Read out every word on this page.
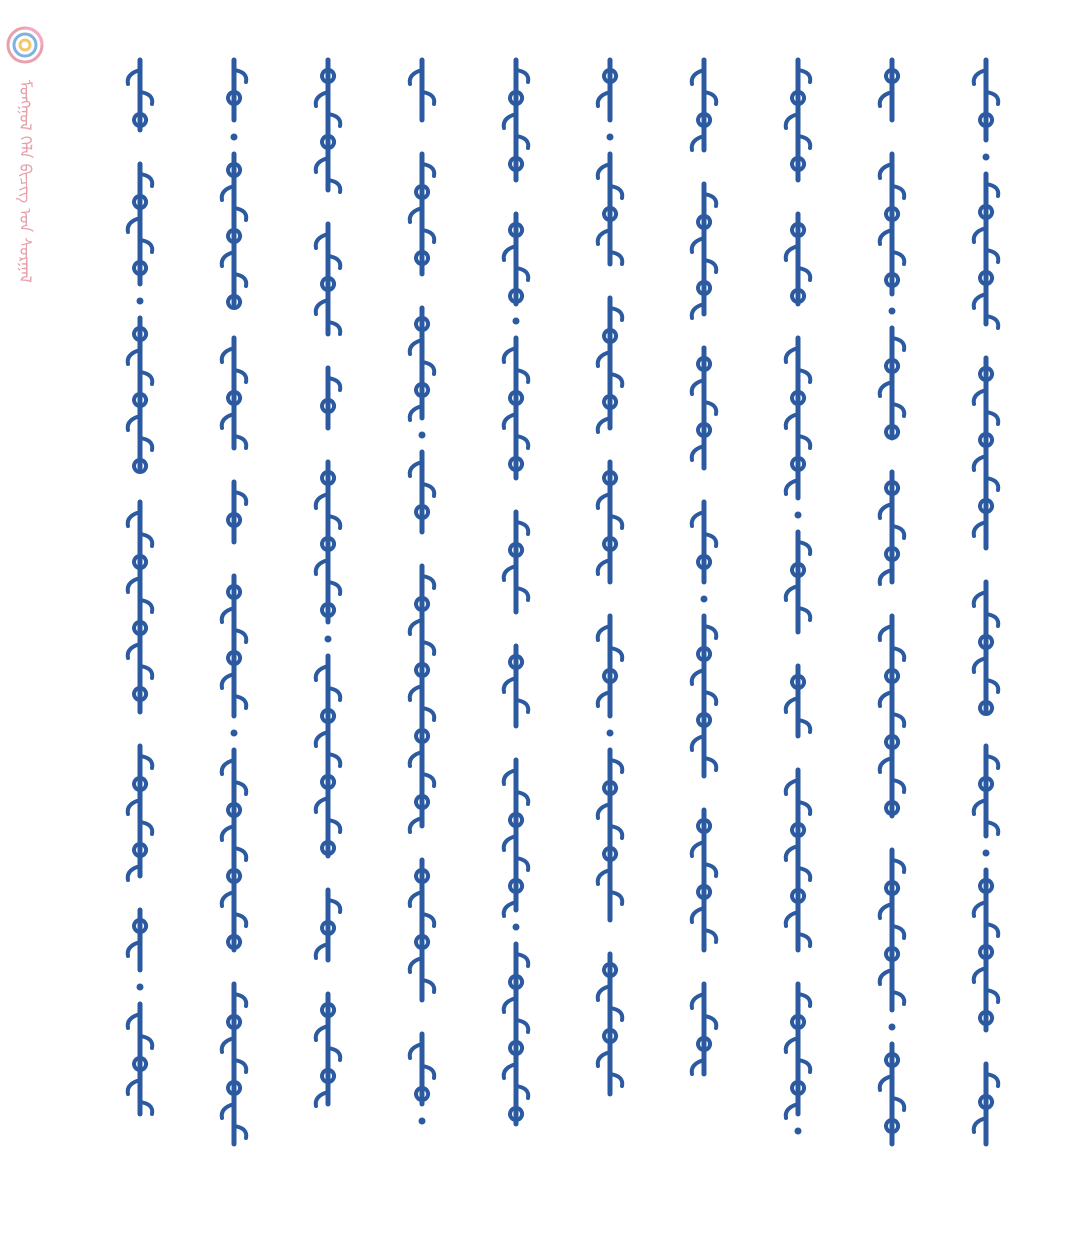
ᠮᠣᠩᠭᠣᠯ ᠬᠡᠯᠡ ᠪᠢᠴᠢᠭ ᠤᠨ ᠰᠤᠷᠭᠠᠯ
